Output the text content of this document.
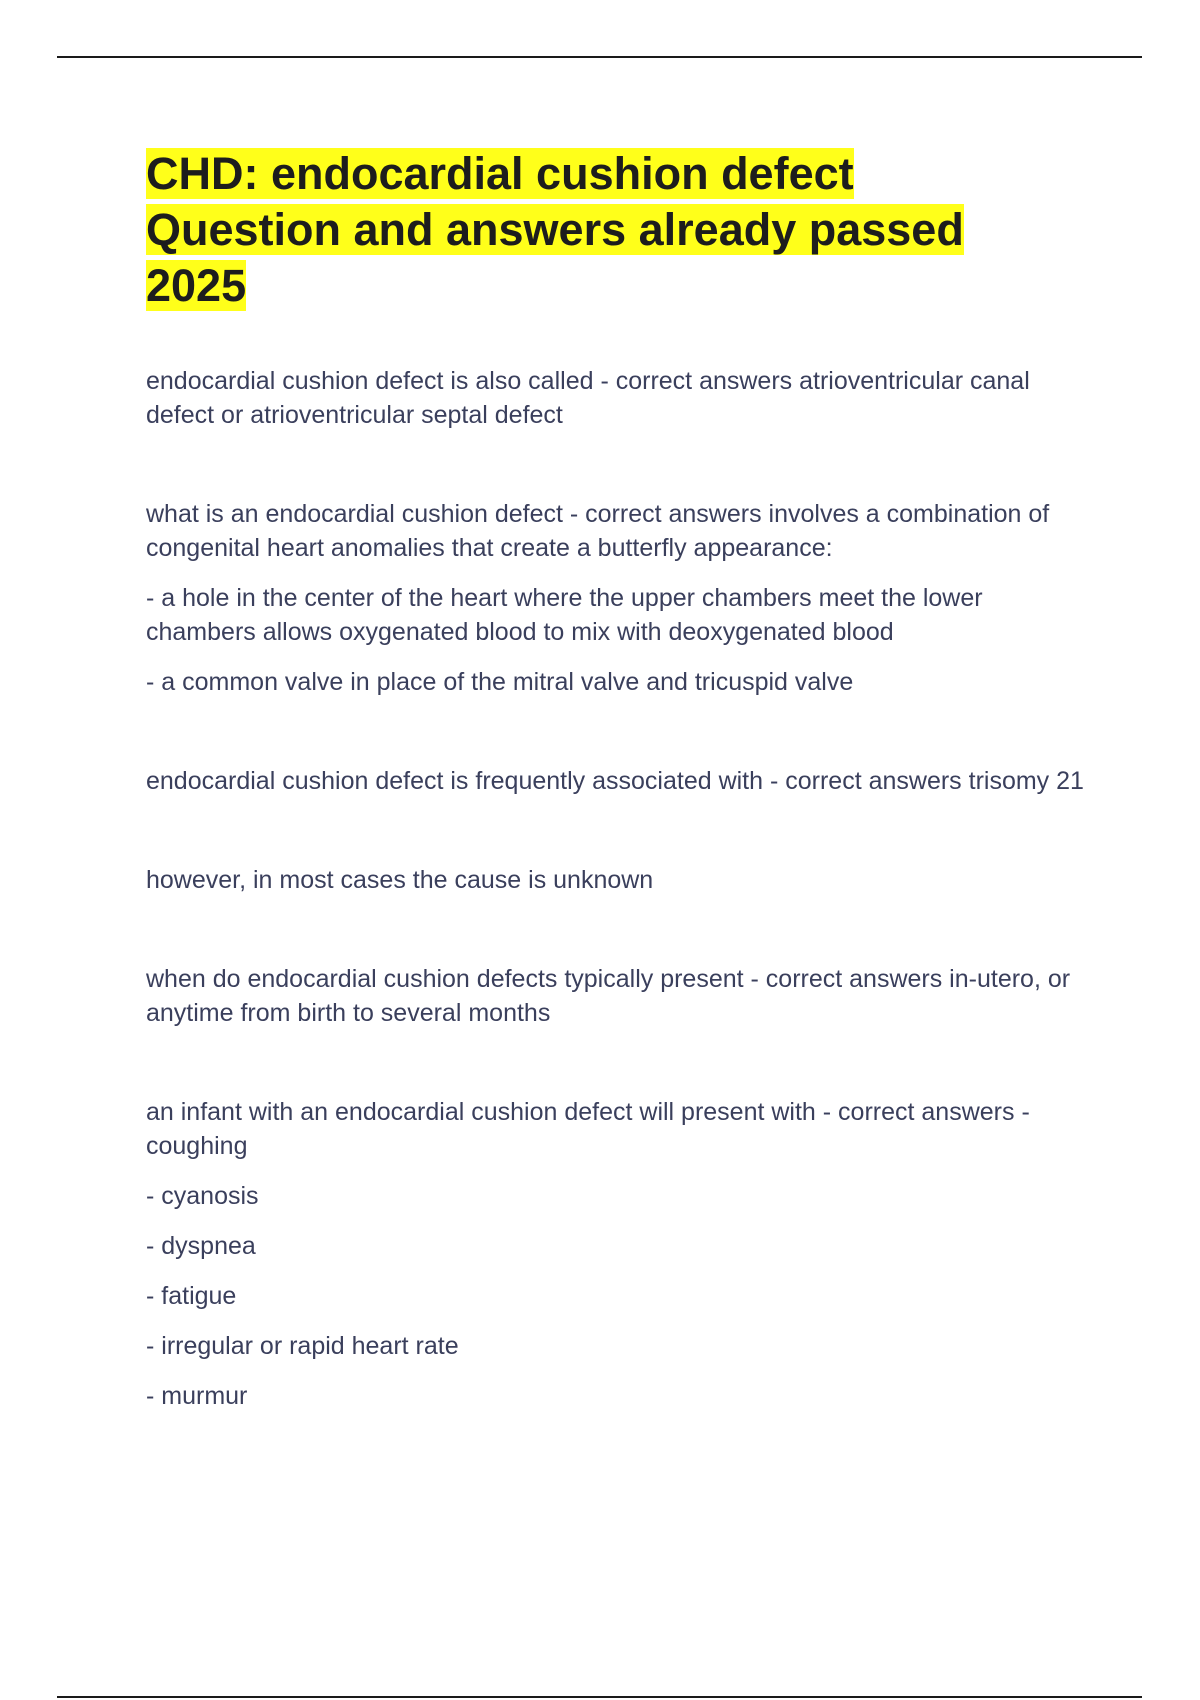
CHD: endocardial cushion defect
Question and answers already passed
2025

endocardial cushion defect is also called - correct answers atrioventricular canal defect or atrioventricular septal defect

what is an endocardial cushion defect - correct answers involves a combination of congenital heart anomalies that create a butterfly appearance:

- a hole in the center of the heart where the upper chambers meet the lower chambers allows oxygenated blood to mix with deoxygenated blood

- a common valve in place of the mitral valve and tricuspid valve

endocardial cushion defect is frequently associated with - correct answers trisomy 21

however, in most cases the cause is unknown

when do endocardial cushion defects typically present - correct answers in-utero, or anytime from birth to several months

an infant with an endocardial cushion defect will present with - correct answers - coughing

- cyanosis

- dyspnea

- fatigue

- irregular or rapid heart rate

- murmur
